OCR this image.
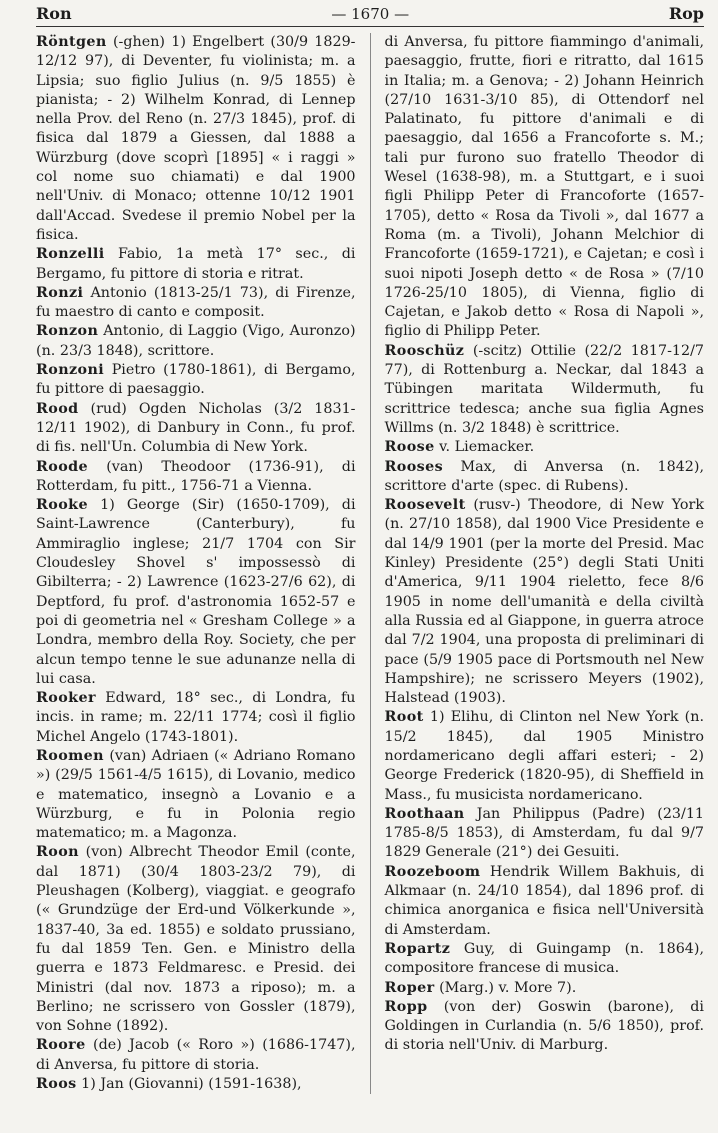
Ron	— 1670 —	Rop

Röntgen (-ghen) 1) Engelbert (30/9 1829-12/12 97), di Deventer, fu violinista; m. a Lipsia; suo figlio Julius (n. 9/5 1855) è pianista; - 2) Wilhelm Konrad, di Lennep nella Prov. del Reno (n. 27/3 1845), prof. di fisica dal 1879 a Giessen, dal 1888 a Würzburg (dove scoprì [1895] « i raggi » col nome suo chiamati) e dal 1900 nell'Univ. di Monaco; ottenne 10/12 1901 dall'Accad. Svedese il premio Nobel per la fisica.

Ronzelli Fabio, 1a metà 17° sec., di Bergamo, fu pittore di storia e ritrat.

Ronzi Antonio (1813-25/1 73), di Firenze, fu maestro di canto e composit.

Ronzon Antonio, di Laggio (Vigo, Auronzo) (n. 23/3 1848), scrittore.

Ronzoni Pietro (1780-1861), di Bergamo, fu pittore di paesaggio.

Rood (rud) Ogden Nicholas (3/2 1831-12/11 1902), di Danbury in Conn., fu prof. di fis. nell'Un. Columbia di New York.

Roode (van) Theodoor (1736-91), di Rotterdam, fu pitt., 1756-71 a Vienna.

Rooke 1) George (Sir) (1650-1709), di Saint-Lawrence (Canterbury), fu Ammiraglio inglese; 21/7 1704 con Sir Cloudesley Shovel s' impossessò di Gibilterra; - 2) Lawrence (1623-27/6 62), di Deptford, fu prof. d'astronomia 1652-57 e poi di geometria nel « Gresham College » a Londra, membro della Roy. Society, che per alcun tempo tenne le sue adunanze nella di lui casa.

Rooker Edward, 18° sec., di Londra, fu incis. in rame; m. 22/11 1774; così il figlio Michel Angelo (1743-1801).

Roomen (van) Adriaen (« Adriano Romano ») (29/5 1561-4/5 1615), di Lovanio, medico e matematico, insegnò a Lovanio e a Würzburg, e fu in Polonia regio matematico; m. a Magonza.

Roon (von) Albrecht Theodor Emil (conte, dal 1871) (30/4 1803-23/2 79), di Pleushagen (Kolberg), viaggiat. e geografo (« Grundzüge der Erd-und Völkerkunde », 1837-40, 3a ed. 1855) e soldato prussiano, fu dal 1859 Ten. Gen. e Ministro della guerra e 1873 Feldmaresc. e Presid. dei Ministri (dal nov. 1873 a riposo); m. a Berlino; ne scrissero von Gossler (1879), von Sohne (1892).

Roore (de) Jacob (« Roro ») (1686-1747), di Anversa, fu pittore di storia.

Roos 1) Jan (Giovanni) (1591-1638),

di Anversa, fu pittore fiammingo d'animali, paesaggio, frutte, fiori e ritratto, dal 1615 in Italia; m. a Genova; - 2) Johann Heinrich (27/10 1631-3/10 85), di Ottendorf nel Palatinato, fu pittore d'animali e di paesaggio, dal 1656 a Francoforte s. M.; tali pur furono suo fratello Theodor di Wesel (1638-98), m. a Stuttgart, e i suoi figli Philipp Peter di Francoforte (1657-1705), detto « Rosa da Tivoli », dal 1677 a Roma (m. a Tivoli), Johann Melchior di Francoforte (1659-1721), e Cajetan; e così i suoi nipoti Joseph detto « de Rosa » (7/10 1726-25/10 1805), di Vienna, figlio di Cajetan, e Jakob detto « Rosa di Napoli », figlio di Philipp Peter.

Rooschüz (-scitz) Ottilie (22/2 1817-12/7 77), di Rottenburg a. Neckar, dal 1843 a Tübingen maritata Wildermuth, fu scrittrice tedesca; anche sua figlia Agnes Willms (n. 3/2 1848) è scrittrice.

Roose v. Liemacker.

Rooses Max, di Anversa (n. 1842), scrittore d'arte (spec. di Rubens).

Roosevelt (rusv-) Theodore, di New York (n. 27/10 1858), dal 1900 Vice Presidente e dal 14/9 1901 (per la morte del Presid. Mac Kinley) Presidente (25°) degli Stati Uniti d'America, 9/11 1904 rieletto, fece 8/6 1905 in nome dell'umanità e della civiltà alla Russia ed al Giappone, in guerra atroce dal 7/2 1904, una proposta di preliminari di pace (5/9 1905 pace di Portsmouth nel New Hampshire); ne scrissero Meyers (1902), Halstead (1903).

Root 1) Elihu, di Clinton nel New York (n. 15/2 1845), dal 1905 Ministro nordamericano degli affari esteri; - 2) George Frederick (1820-95), di Sheffield in Mass., fu musicista nordamericano.

Roothaan Jan Philippus (Padre) (23/11 1785-8/5 1853), di Amsterdam, fu dal 9/7 1829 Generale (21°) dei Gesuiti.

Roozeboom Hendrik Willem Bakhuis, di Alkmaar (n. 24/10 1854), dal 1896 prof. di chimica anorganica e fisica nell'Università di Amsterdam.

Ropartz Guy, di Guingamp (n. 1864), compositore francese di musica.

Roper (Marg.) v. More 7).

Ropp (von der) Goswin (barone), di Goldingen in Curlandia (n. 5/6 1850), prof. di storia nell'Univ. di Marburg.
